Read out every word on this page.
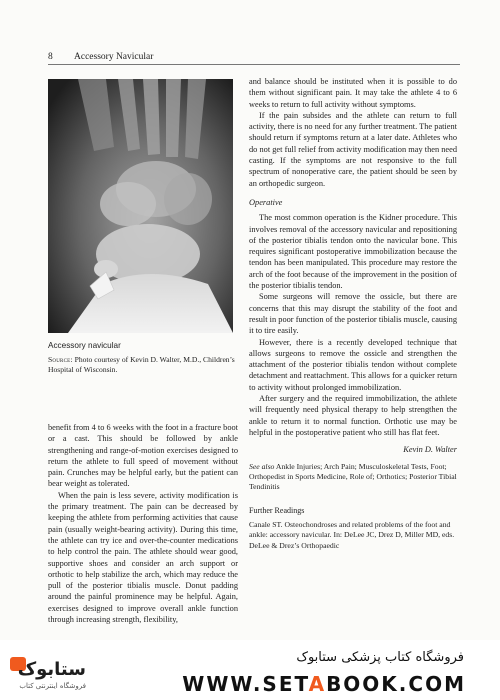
8 Accessory Navicular
Accessory navicular
Source: Photo courtesy of Kevin D. Walter, M.D., Children’s Hospital of Wisconsin.

benefit from 4 to 6 weeks with the foot in a fracture boot or a cast. This should be followed by ankle strengthening and range-of-motion exercises designed to return the athlete to full speed of movement without pain. Crunches may be helpful early, but the patient can bear weight as tolerated.

When the pain is less severe, activity modification is the primary treatment. The pain can be decreased by keeping the athlete from performing activities that cause pain (usually weight-bearing activity). During this time, the athlete can try ice and over-the-counter medications to help control the pain. The athlete should wear good, supportive shoes and consider an arch support or orthotic to help stabilize the arch, which may reduce the pull of the posterior tibialis muscle. Donut padding around the painful prominence may be helpful. Again, exercises designed to improve overall ankle function through increasing strength, flexibility,

and balance should be instituted when it is possible to do them without significant pain. It may take the athlete 4 to 6 weeks to return to full activity without symptoms.

If the pain subsides and the athlete can return to full activity, there is no need for any further treatment. The patient should return if symptoms return at a later date. Athletes who do not get full relief from activity modification may then need casting. If the symptoms are not responsive to the full spectrum of nonoperative care, the patient should be seen by an orthopedic surgeon.

Operative

The most common operation is the Kidner procedure. This involves removal of the accessory navicular and repositioning of the posterior tibialis tendon onto the navicular bone. This requires significant postoperative immobilization because the tendon has been manipulated. This procedure may restore the arch of the foot because of the improvement in the position of the posterior tibialis tendon.

Some surgeons will remove the ossicle, but there are concerns that this may disrupt the stability of the foot and result in poor function of the posterior tibialis muscle, causing it to tire easily.

However, there is a recently developed technique that allows surgeons to remove the ossicle and strengthen the attachment of the posterior tibialis tendon without complete detachment and reattachment. This allows for a quicker return to activity without prolonged immobilization.

After surgery and the required immobilization, the athlete will frequently need physical therapy to help strengthen the ankle to return it to normal function. Orthotic use may be helpful in the postoperative patient who still has flat feet.

Kevin D. Walter

See also Ankle Injuries; Arch Pain; Musculoskeletal Tests, Foot; Orthopedist in Sports Medicine, Role of; Orthotics; Posterior Tibial Tendinitis

Further Readings

Canale ST. Osteochondroses and related problems of the foot and ankle: accessory navicular. In: DeLee JC, Drez D, Miller MD, eds. DeLee & Drez’s Orthopaedic

ستابوک
فروشگاه اینترنتی کتاب
فروشگاه کتاب پزشکی ستابوک
WWW.SETABOOK.COM
